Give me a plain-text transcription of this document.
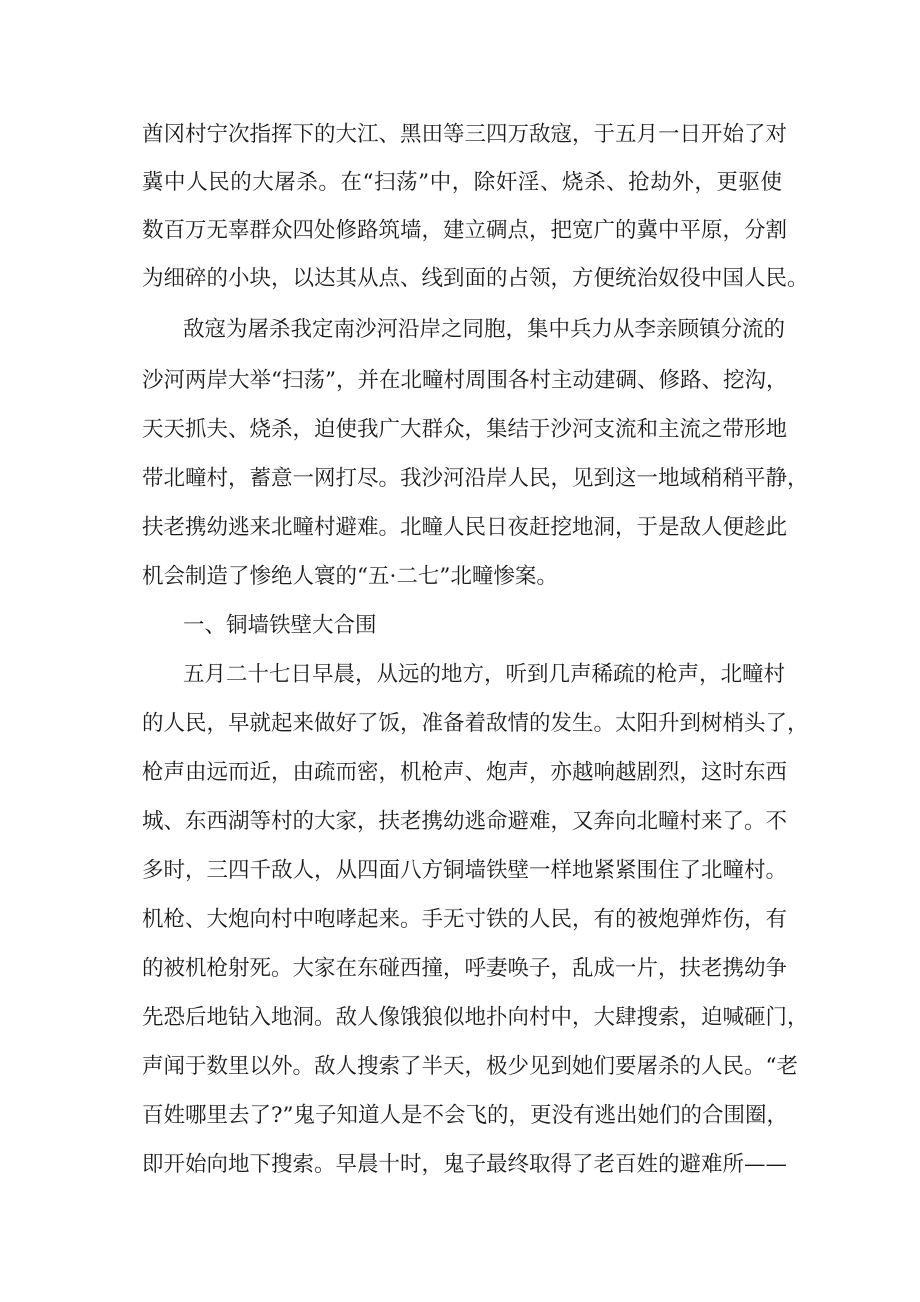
酋冈村宁次指挥下的大江、黑田等三四万敌寇，于五月一日开始了对
冀中人民的大屠杀。在“扫荡”中，除奸淫、烧杀、抢劫外，更驱使
数百万无辜群众四处修路筑墙，建立碉点，把宽广的冀中平原，分割
为细碎的小块，以达其从点、线到面的占领，方便统治奴役中国人民。
敌寇为屠杀我定南沙河沿岸之同胞，集中兵力从李亲顾镇分流的
沙河两岸大举“扫荡”，并在北疃村周围各村主动建碉、修路、挖沟，
天天抓夫、烧杀，迫使我广大群众，集结于沙河支流和主流之带形地
带北疃村，蓄意一网打尽。我沙河沿岸人民，见到这一地域稍稍平静，
扶老携幼逃来北疃村避难。北疃人民日夜赶挖地洞，于是敌人便趁此
机会制造了惨绝人寰的“五·二七”北疃惨案。
一、铜墙铁壁大合围
五月二十七日早晨，从远的地方，听到几声稀疏的枪声，北疃村
的人民，早就起来做好了饭，准备着敌情的发生。太阳升到树梢头了，
枪声由远而近，由疏而密，机枪声、炮声，亦越响越剧烈，这时东西
城、东西湖等村的大家，扶老携幼逃命避难，又奔向北疃村来了。不
多时，三四千敌人，从四面八方铜墙铁壁一样地紧紧围住了北疃村。
机枪、大炮向村中咆哮起来。手无寸铁的人民，有的被炮弹炸伤，有
的被机枪射死。大家在东碰西撞，呼妻唤子，乱成一片，扶老携幼争
先恐后地钻入地洞。敌人像饿狼似地扑向村中，大肆搜索，迫喊砸门，
声闻于数里以外。敌人搜索了半天，极少见到她们要屠杀的人民。“老
百姓哪里去了?”鬼子知道人是不会飞的，更没有逃出她们的合围圈，
即开始向地下搜索。早晨十时，鬼子最终取得了老百姓的避难所——
